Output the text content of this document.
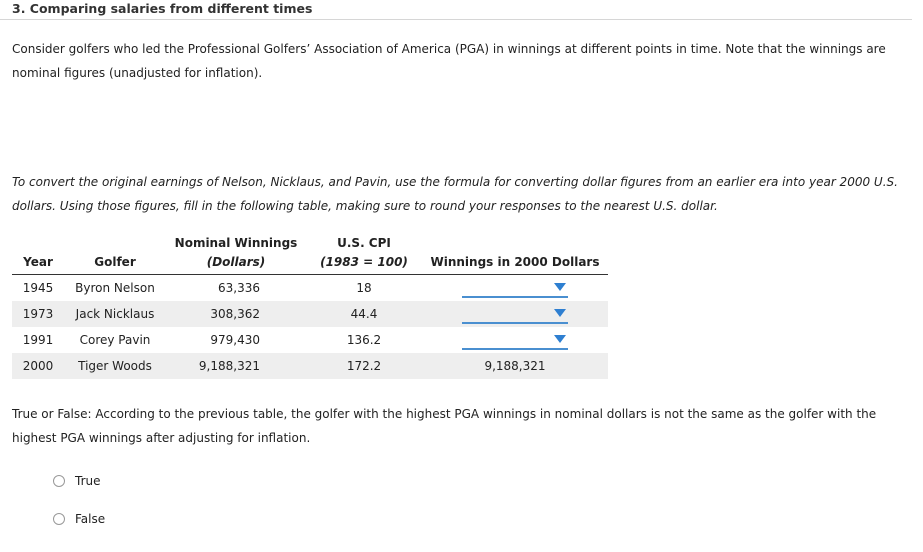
3. Comparing salaries from different times
Consider golfers who led the Professional Golfers’ Association of America (PGA) in winnings at different points in time. Note that the winnings are nominal figures (unadjusted for inflation).
To convert the original earnings of Nelson, Nicklaus, and Pavin, use the formula for converting dollar figures from an earlier era into year 2000 U.S. dollars. Using those figures, fill in the following table, making sure to round your responses to the nearest U.S. dollar.
		Nominal Winnings	U.S. CPI	
Year	Golfer	(Dollars)	(1983 = 100)	Winnings in 2000 Dollars
1945	Byron Nelson	63,336	18	

1973	Jack Nicklaus	308,362	44.4	

1991	Corey Pavin	979,430	136.2	

2000	Tiger Woods	9,188,321	172.2	9,188,321
True or False: According to the previous table, the golfer with the highest PGA winnings in nominal dollars is not the same as the golfer with the highest PGA winnings after adjusting for inflation.
True
False
